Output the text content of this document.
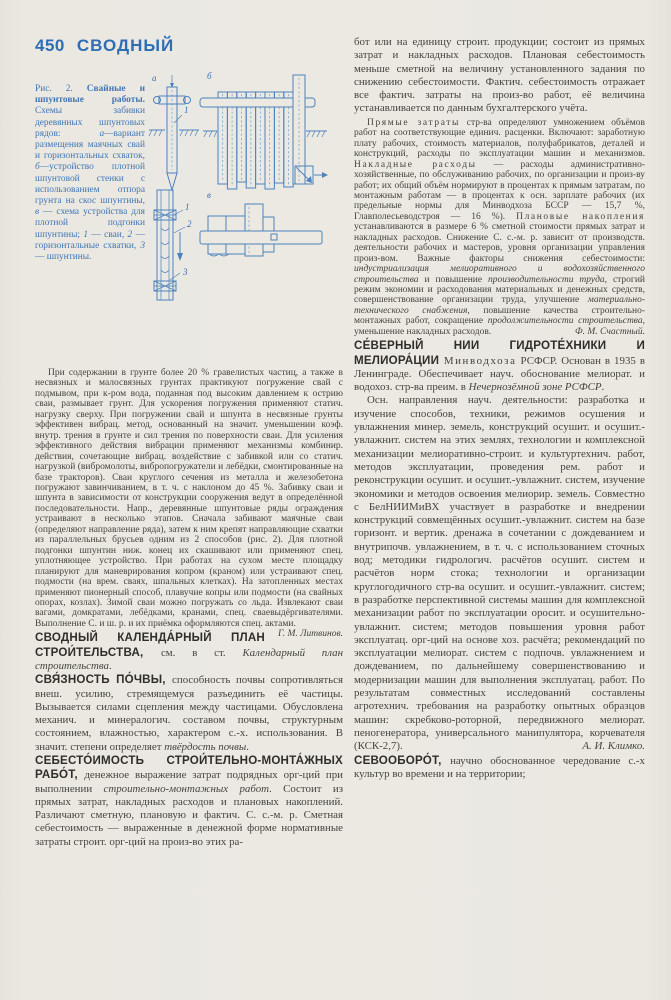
450 СВОДНЫЙ
Рис. 2. Свайные и шпунтовые работы. Схемы забивки деревянных шпунтовых рядов: а—вариант размещения маячных свай и горизонтальных схваток, б—устройство плотной шпунтовой стенки с использованием отпора грунта на скос шпунтины, в — схема устройства для плотной подгонки шпунтины; 1 — сваи, 2 — горизонтальные схватки, 3 — шпунтины.
а
1
1
2
3
б
в
При содержании в грунте более 20 % гравелистых частиц, а также в несвязных и малосвязных грунтах практикуют погружение свай с подмывом, при к-ром вода, поданная под высоким давлением к острию сваи, размывает грунт. Для ускорения погружения применяют статич. нагрузку сверху. При погружении свай и шпунта в несвязные грунты эффективен вибрац. метод, основанный на значит. уменьшении коэф. внутр. трения в грунте и сил трения по поверхности сваи. Для усиления эффективного действия вибрации применяют механизмы комбинир. действия, сочетающие вибрац. воздействие с забивкой или со статич. нагрузкой (вибромолоты, вибропогружатели и лебёдки, смонтированные на базе тракторов). Сваи круглого сечения из металла и железобетона погружают завинчиванием, в т. ч. с наклоном до 45 %. Забивку сваи и шпунта в зависимости от конструкции сооружения ведут в определённой последовательности. Напр., деревянные шпунтовые ряды ограждения устраивают в несколько этапов. Сначала забивают маячные сваи (определяют направление ряда), затем к ним крепят направляющие схватки из параллельных брусьев одним из 2 способов (рис. 2). Для плотной подгонки шпунтин ниж. конец их скашивают или применяют спец. уплотняющее устройство. При работах на сухом месте площадку планируют для маневрирования копром (краном) или устраивают спец. подмости (на врем. сваях, шпальных клетках). На затопленных местах применяют пионерный способ, плавучие копры или подмости (на свайных опорах, козлах). Зимой сваи можно погружать со льда. Извлекают сваи вагами, домкратами, лебёдками, кранами, спец. сваевыдёргивателями. Выполнение С. и ш. р. и их приёмка оформляются спец. актами.
Г. М. Литвинов.
СВОДНЫЙ КАЛЕНДА́РНЫЙ ПЛАН СТРОИ́ТЕЛЬСТВА, см. в ст. Календарный план строительства.
СВЯ́ЗНОСТЬ ПО́ЧВЫ, способность почвы сопротивляться внеш. усилию, стремящемуся разъединить её частицы. Вызывается силами сцепления между частицами. Обусловлена механич. и минералогич. составом почвы, структурным состоянием, влажностью, характером с.-х. использования. В значит. степени определяет твёрдость почвы.
СЕБЕСТО́ИМОСТЬ СТРОИ́ТЕЛЬНО-МОНТА́ЖНЫХ РАБО́Т, денежное выражение затрат подрядных орг-ций при выполнении строительно-монтажных работ. Состоит из прямых затрат, накладных расходов и плановых накоплений. Различают сметную, плановую и фактич. С. с.-м. р. Сметная себестоимость — выраженные в денежной форме нормативные затраты строит. орг-ций на произ-во этих ра-
бот или на единицу строит. продукции; состоит из прямых затрат и накладных расходов. Плановая себестоимость меньше сметной на величину установленного задания по снижению себестоимости. Фактич. себестоимость отражает все фактич. затраты на произ-во работ, её величина устанавливается по данным бухгалтерского учёта.
Прямые затраты стр-ва определяют умножением объёмов работ на соответствующие единич. расценки. Включают: заработную плату рабочих, стоимость материалов, полуфабрикатов, деталей и конструкций, расходы по эксплуатации машин и механизмов. Накладные расходы — расходы административно-хозяйственные, по обслуживанию рабочих, по организации и произ-ву работ; их общий объём нормируют в процентах к прямым затратам, по монтажным работам — в процентах к осн. зарплате рабочих (их предельные нормы для Минводхоза БССР — 15,7 %, Главполесьеводстроя — 16 %). Плановые накопления устанавливаются в размере 6 % сметной стоимости прямых затрат и накладных расходов. Снижение С. с.-м. р. зависит от производств. деятельности рабочих и мастеров, уровня организации управления произ-вом. Важные факторы снижения себестоимости: индустриализация мелиоративного и водохозяйственного строительства и повышение производительности труда, строгий режим экономии и расходования материальных и денежных средств, совершенствование организации труда, улучшение материально-технического снабжения, повышение качества строительно-монтажных работ, сокращение продолжительности строительства, уменьшение накладных расходов.	Ф. М. Счастный.
СЕ́ВЕРНЫЙ НИИ ГИДРОТЕ́ХНИКИ И МЕЛИОРА́ЦИИ Минводхоза РСФСР. Основан в 1935 в Ленинграде. Обеспечивает науч. обоснование мелиорат. и водохоз. стр-ва преим. в Нечернозёмной зоне РСФСР.
Осн. направления науч. деятельности: разработка и изучение способов, техники, режимов осушения и увлажнения минер. земель, конструкций осушит. и осушит.-увлажнит. систем на этих землях, технологии и комплексной механизации мелиоративно-строит. и культуртехнич. работ, методов эксплуатации, проведения рем. работ и реконструкции осушит. и осушит.-увлажнит. систем, изучение экономики и методов освоения мелиорир. земель. Совместно с БелНИИМиВХ участвует в разработке и внедрении конструкций совмещённых осушит.-увлажнит. систем на базе горизонт. и вертик. дренажа в сочетании с дождеванием и внутрипочв. увлажнением, в т. ч. с использованием сточных вод; методики гидрологич. расчётов осушит. систем и расчётов норм стока; технологии и организации круглогодичного стр-ва осушит. и осушит.-увлажнит. систем; в разработке перспективной системы машин для комплексной механизации работ по эксплуатации оросит. и осушительно-увлажнит. систем; методов повышения уровня работ эксплуатац. орг-ций на основе хоз. расчёта; рекомендаций по эксплуатации мелиорат. систем с подпочв. увлажнением и дождеванием, по дальнейшему совершенствованию и модернизации машин для выполнения эксплуатац. работ. По результатам совместных исследований составлены агротехнич. требования на разработку опытных образцов машин: скребково-роторной, передвижного мелиорат. пеногенератора, универсального манипулятора, корчевателя (КСК-2,7).	А. И. Климко.
СЕВООБОРО́Т, научно обоснованное чередование с.-х культур во времени и на территории;
